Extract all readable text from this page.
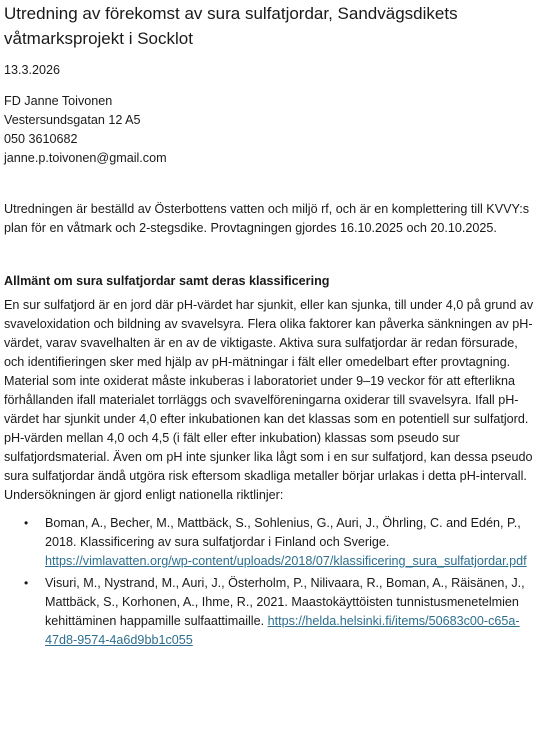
Utredning av förekomst av sura sulfatjordar, Sandvägsdikets våtmarksprojekt i Socklot

13.3.2026

FD Janne Toivonen

Vestersundsgatan 12 A5

050 3610682

janne.p.toivonen@gmail.com

Utredningen är beställd av Österbottens vatten och miljö rf, och är en komplettering till KVVY:s plan för en våtmark och 2-stegsdike. Provtagningen gjordes 16.10.2025 och 20.10.2025.

Allmänt om sura sulfatjordar samt deras klassificering

En sur sulfatjord är en jord där pH-värdet har sjunkit, eller kan sjunka, till under 4,0 på grund av svaveloxidation och bildning av svavelsyra. Flera olika faktorer kan påverka sänkningen av pH-värdet, varav svavelhalten är en av de viktigaste. Aktiva sura sulfatjordar är redan försurade, och identifieringen sker med hjälp av pH-mätningar i fält eller omedelbart efter provtagning. Material som inte oxiderat måste inkuberas i laboratoriet under 9–19 veckor för att efterlikna förhållanden ifall materialet torrläggs och svavelföreningarna oxiderar till svavelsyra. Ifall pH-värdet har sjunkit under 4,0 efter inkubationen kan det klassas som en potentiell sur sulfatjord. pH-värden mellan 4,0 och 4,5 (i fält eller efter inkubation) klassas som pseudo sur sulfatjordsmaterial. Även om pH inte sjunker lika lågt som i en sur sulfatjord, kan dessa pseudo sura sulfatjordar ändå utgöra risk eftersom skadliga metaller börjar urlakas i detta pH-intervall. Undersökningen är gjord enligt nationella riktlinjer:

• Boman, A., Becher, M., Mattbäck, S., Sohlenius, G., Auri, J., Öhrling, C. and Edén, P., 2018. Klassificering av sura sulfatjordar i Finland och Sverige. https://vimlavatten.org/wp-content/uploads/2018/07/klassificering_sura_sulfatjordar.pdf
• Visuri, M., Nystrand, M., Auri, J., Österholm, P., Nilivaara, R., Boman, A., Räisänen, J., Mattbäck, S., Korhonen, A., Ihme, R., 2021. Maastokäyttöisten tunnistusmenetelmien kehittäminen happamille sulfaattimaille. https://helda.helsinki.fi/items/50683c00-c65a-47d8-9574-4a6d9bb1c055
